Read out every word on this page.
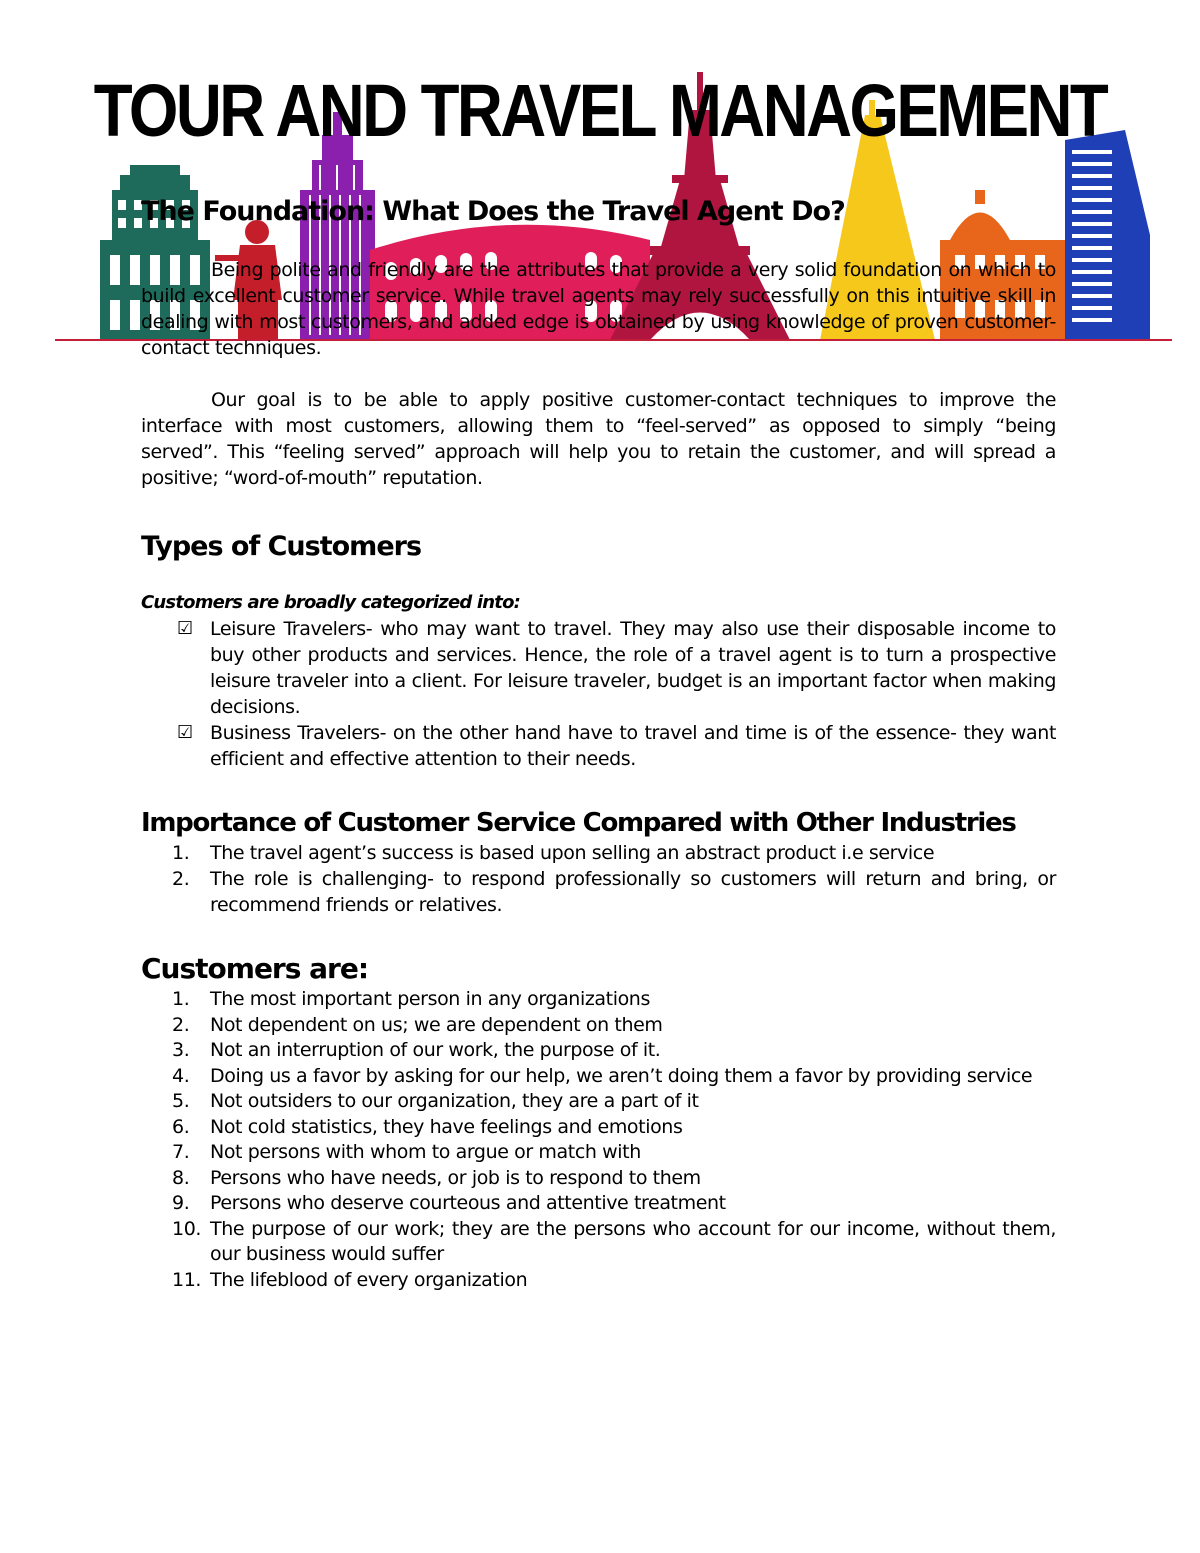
TOUR AND TRAVEL MANAGEMENT
The Foundation: What Does the Travel Agent Do?

Being polite and friendly are the attributes that provide a very solid foundation on which to build excellent customer service. While travel agents may rely successfully on this intuitive skill in dealing with most customers, and added edge is obtained by using knowledge of proven customer-contact techniques.

Our goal is to be able to apply positive customer-contact techniques to improve the interface with most customers, allowing them to “feel-served” as opposed to simply “being served”. This “feeling served” approach will help you to retain the customer, and will spread a positive; “word-of-mouth” reputation.

Types of Customers
Customers are broadly categorized into:
☑ Leisure Travelers- who may want to travel. They may also use their disposable income to buy other products and services. Hence, the role of a travel agent is to turn a prospective leisure traveler into a client. For leisure traveler, budget is an important factor when making decisions.
☑ Business Travelers- on the other hand have to travel and time is of the essence- they want efficient and effective attention to their needs.
Importance of Customer Service Compared with Other Industries
1.	The travel agent’s success is based upon selling an abstract product i.e service
2.	The role is challenging- to respond professionally so customers will return and bring, or recommend friends or relatives.
Customers are:
1.	The most important person in any organizations
2.	Not dependent on us; we are dependent on them
3.	Not an interruption of our work, the purpose of it.
4.	Doing us a favor by asking for our help, we aren’t doing them a favor by providing service
5.	Not outsiders to our organization, they are a part of it
6.	Not cold statistics, they have feelings and emotions
7.	Not persons with whom to argue or match with
8.	Persons who have needs, or job is to respond to them
9.	Persons who deserve courteous and attentive treatment
10. The purpose of our work; they are the persons who account for our income, without them, our business would suffer
11. The lifeblood of every organization
